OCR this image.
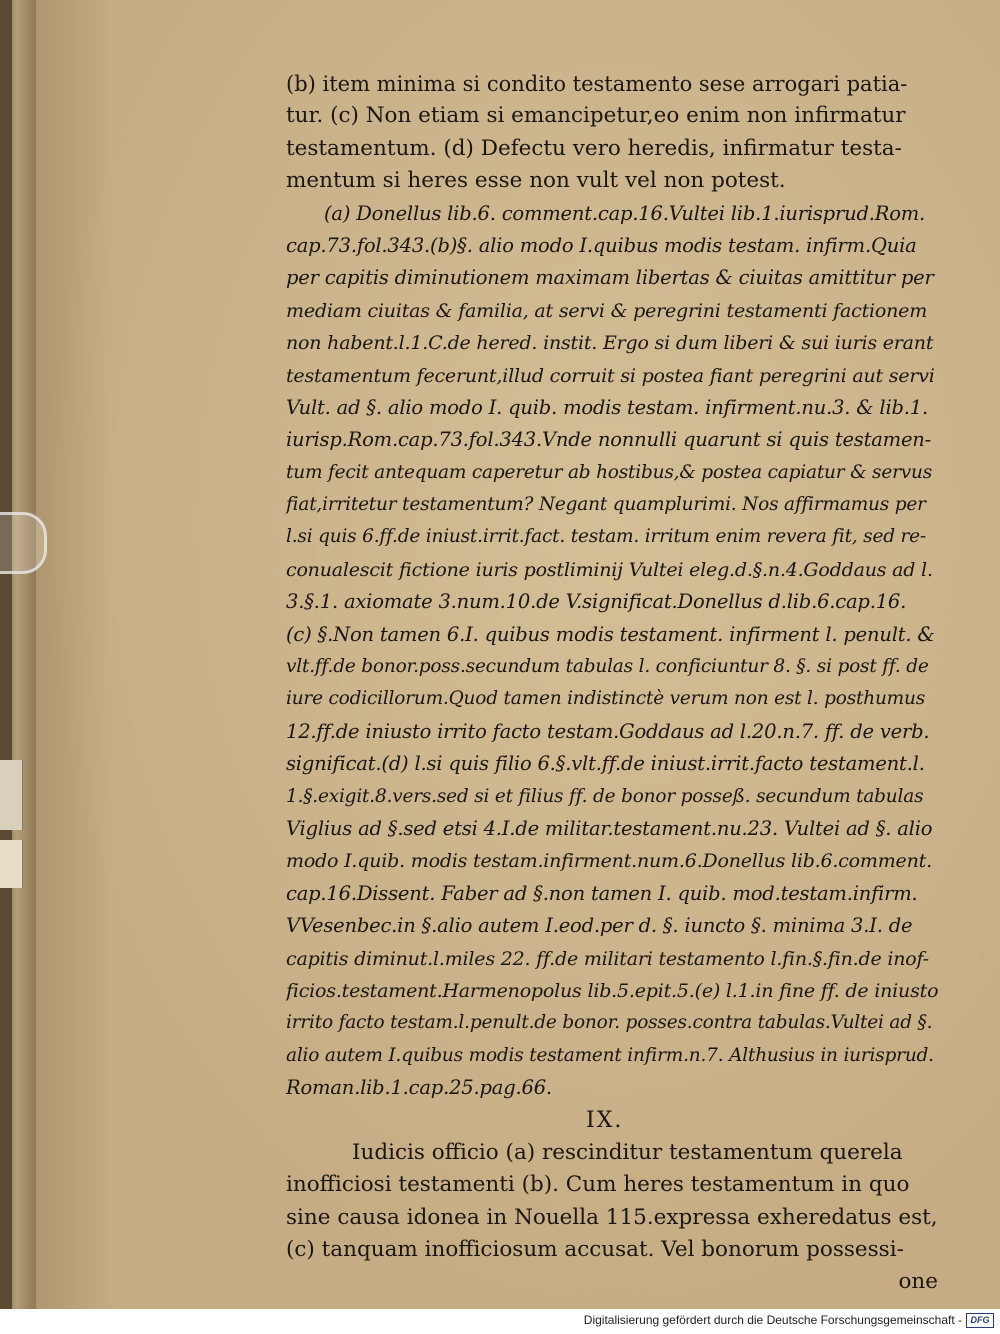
(b) item minima si condito testamento sese arrogari patia-
tur. (c) Non etiam si emancipetur,eo enim non infirmatur
testamentum. (d) Defectu vero heredis, infirmatur testa-
mentum si heres esse non vult vel non potest.
(a) Donellus lib.6. comment.cap.16.Vultei lib.1.iurisprud.Rom.
cap.73.fol.343.(b)§. alio modo I.quibus modis testam. infirm.Quia
per capitis diminutionem maximam libertas & ciuitas amittitur per
mediam ciuitas & familia, at servi & peregrini testamenti factionem
non habent.l.1.C.de hered. instit. Ergo si dum liberi & sui iuris erant
testamentum fecerunt,illud corruit si postea fiant peregrini aut servi
Vult. ad §. alio modo I. quib. modis testam. infirment.nu.3. & lib.1.
iurisp.Rom.cap.73.fol.343.Vnde nonnulli quarunt si quis testamen-
tum fecit antequam caperetur ab hostibus,& postea capiatur & servus
fiat,irritetur testamentum? Negant quamplurimi. Nos affirmamus per
l.si quis 6.ff.de iniust.irrit.fact. testam. irritum enim revera fit, sed re-
conualescit fictione iuris postliminij Vultei eleg.d.§.n.4.Goddaus ad l.
3.§.1. axiomate 3.num.10.de V.significat.Donellus d.lib.6.cap.16.
(c) §.Non tamen 6.I. quibus modis testament. infirment l. penult. &
vlt.ff.de bonor.poss.secundum tabulas l. conficiuntur 8. §. si post ff. de
iure codicillorum.Quod tamen indistinctè verum non est l. posthumus
12.ff.de iniusto irrito facto testam.Goddaus ad l.20.n.7. ff. de verb.
significat.(d) l.si quis filio 6.§.vlt.ff.de iniust.irrit.facto testament.l.
1.§.exigit.8.vers.sed si et filius ff. de bonor posseß. secundum tabulas
Viglius ad §.sed etsi 4.I.de militar.testament.nu.23. Vultei ad §. alio
modo I.quib. modis testam.infirment.num.6.Donellus lib.6.comment.
cap.16.Dissent. Faber ad §.non tamen I. quib. mod.testam.infirm.
VVesenbec.in §.alio autem I.eod.per d. §. iuncto §. minima 3.I. de
capitis diminut.l.miles 22. ff.de militari testamento l.fin.§.fin.de inof-
ficios.testament.Harmenopolus lib.5.epit.5.(e) l.1.in fine ff. de iniusto
irrito facto testam.l.penult.de bonor. posses.contra tabulas.Vultei ad §.
alio autem I.quibus modis testament infirm.n.7. Althusius in iurisprud.
Roman.lib.1.cap.25.pag.66.
IX.
Iudicis officio (a) rescinditur testamentum querela
inofficiosi testamenti (b). Cum heres testamentum in quo
sine causa idonea in Nouella 115.expressa exheredatus est,
(c) tanquam inofficiosum accusat. Vel bonorum possessi-
one
Digitalisierung gefördert durch die Deutsche Forschungsgemeinschaft - DFG
